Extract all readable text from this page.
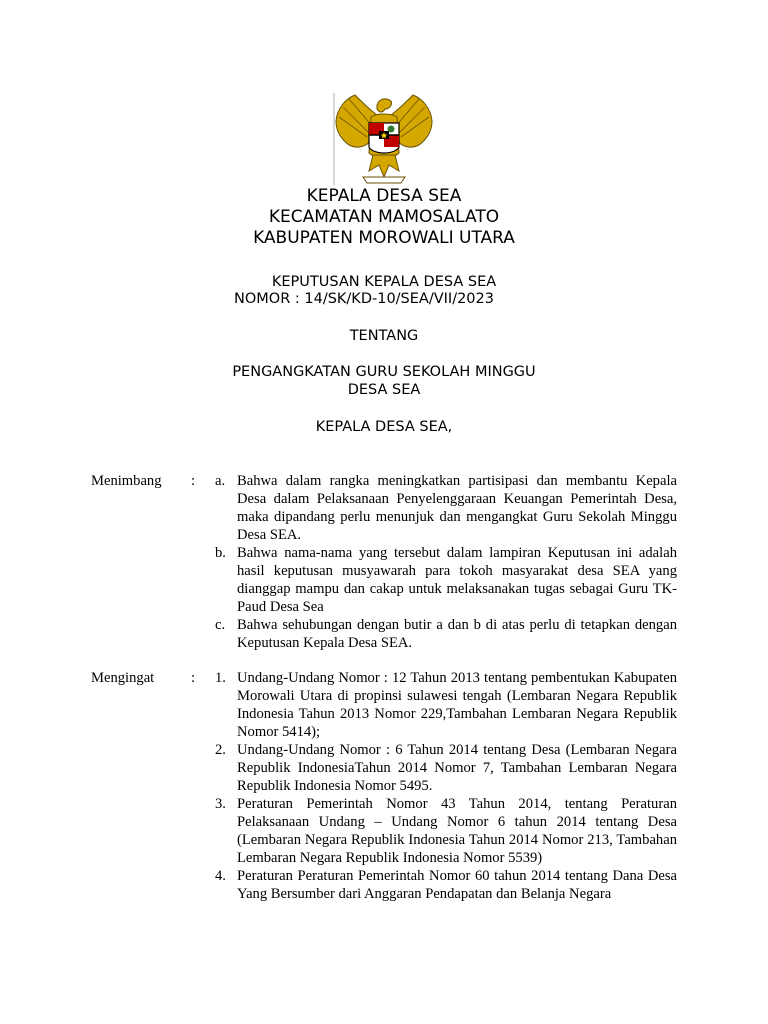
KEPALA DESA SEA
KECAMATAN MAMOSALATO
KABUPATEN MOROWALI UTARA
KEPUTUSAN KEPALA DESA SEA
NOMOR : 14/SK/KD-10/SEA/VII/2023
TENTANG
PENGANGKATAN GURU SEKOLAH MINGGU
DESA SEA
KEPALA DESA SEA,
Menimbang : a. Bahwa dalam rangka meningkatkan partisipasi dan membantu Kepala Desa dalam Pelaksanaan Penyelenggaraan Keuangan Pemerintah Desa, maka dipandang perlu menunjuk dan mengangkat Guru Sekolah Minggu Desa SEA.
b. Bahwa nama-nama yang tersebut dalam lampiran Keputusan ini adalah hasil keputusan musyawarah para tokoh masyarakat desa SEA yang dianggap mampu dan cakap untuk melaksanakan tugas sebagai Guru TK-Paud Desa Sea
c. Bahwa sehubungan dengan butir a dan b di atas perlu di tetapkan dengan Keputusan Kepala Desa SEA.
Mengingat	: 1. Undang-Undang Nomor : 12 Tahun 2013 tentang pembentukan Kabupaten Morowali Utara di propinsi sulawesi tengah (Lembaran Negara Republik Indonesia Tahun 2013 Nomor 229,Tambahan Lembaran Negara Republik Nomor 5414);
2. Undang-Undang Nomor : 6 Tahun 2014 tentang Desa (Lembaran Negara Republik IndonesiaTahun 2014 Nomor 7, Tambahan Lembaran Negara Republik Indonesia Nomor 5495.
3. Peraturan Pemerintah Nomor 43 Tahun 2014, tentang Peraturan Pelaksanaan Undang – Undang Nomor 6 tahun 2014 tentang Desa (Lembaran Negara Republik Indonesia Tahun 2014 Nomor 213, Tambahan Lembaran Negara Republik Indonesia Nomor 5539)
4. Peraturan Peraturan Pemerintah Nomor 60 tahun 2014 tentang Dana Desa Yang Bersumber dari Anggaran Pendapatan dan Belanja Negara
